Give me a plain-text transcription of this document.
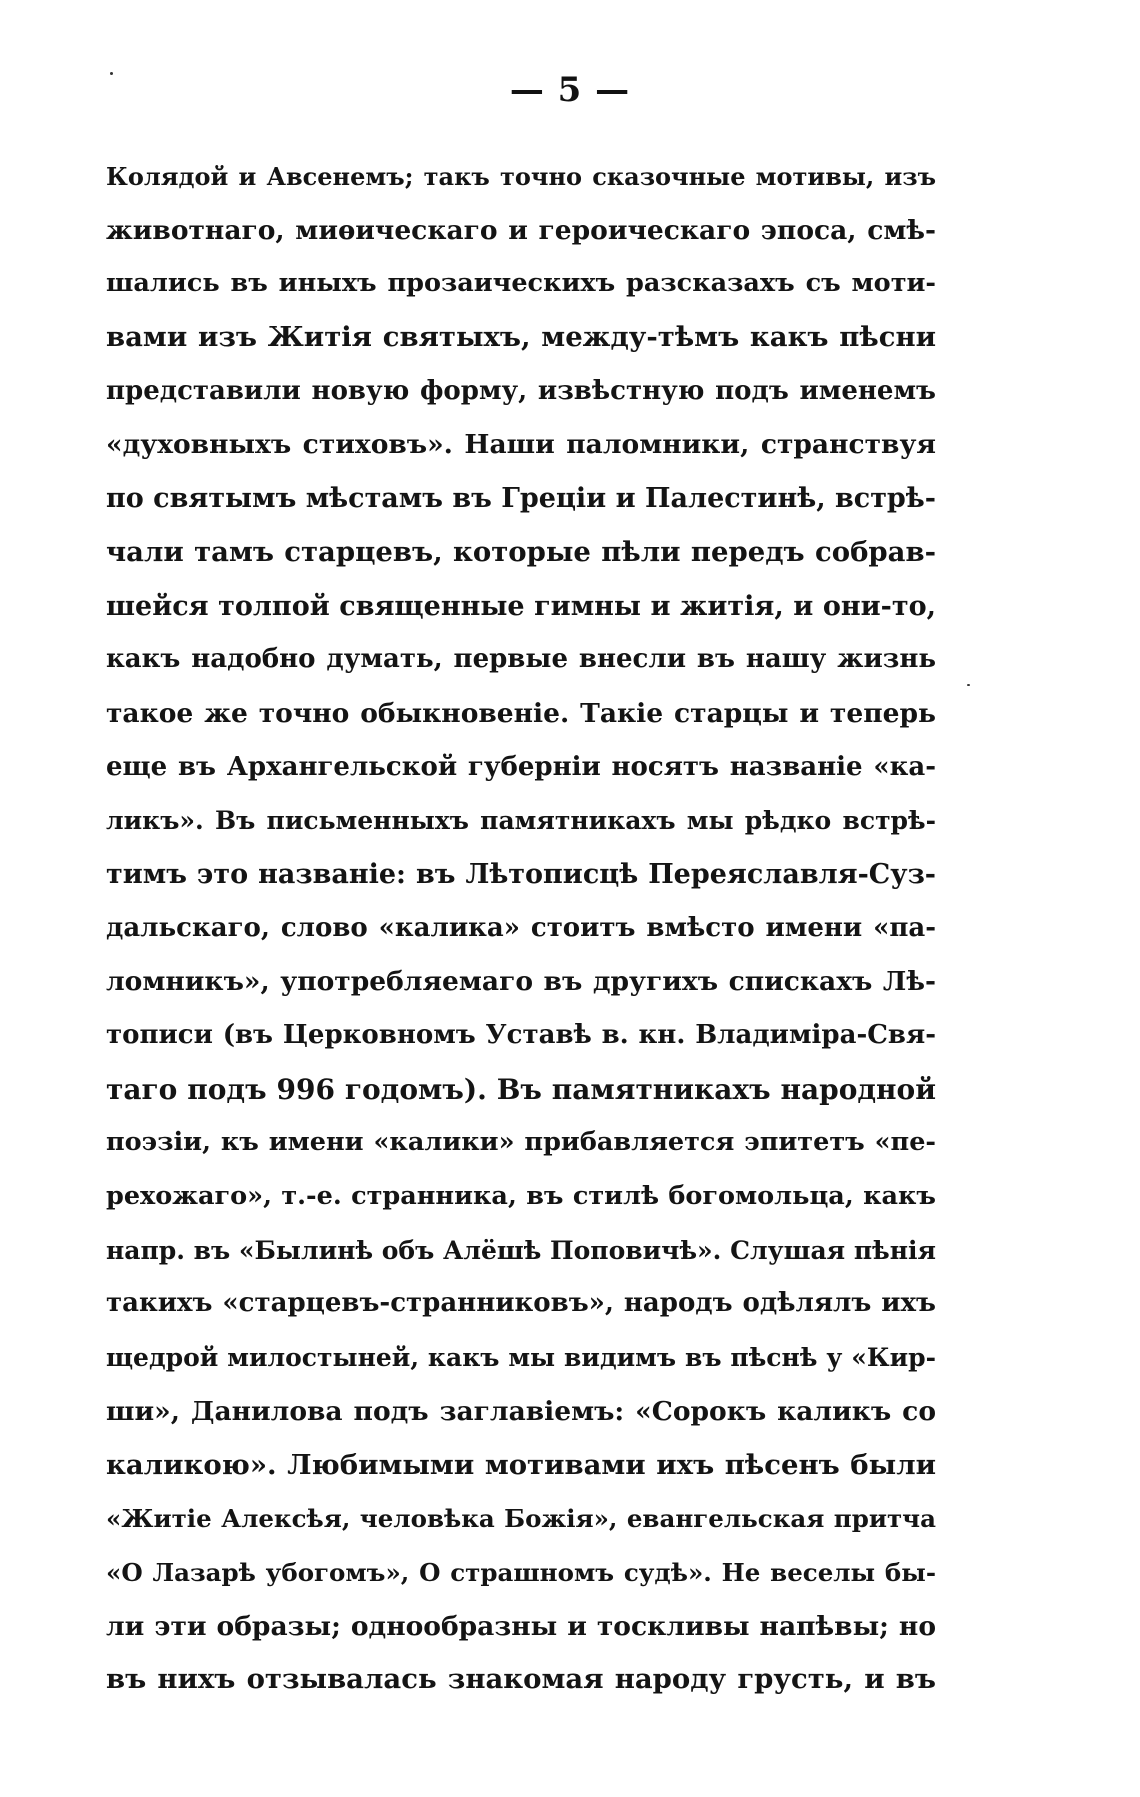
— 5 —
Колядой и Авсенемъ; такъ точно сказочные мотивы, изъ
животнаго, миѳическаго и героическаго эпоса, смѣ-
шались въ иныхъ прозаическихъ разсказахъ съ моти-
вами изъ Житія святыхъ, между-тѣмъ какъ пѣсни
представили новую форму, извѣстную подъ именемъ
«духовныхъ стиховъ». Наши паломники, странствуя
по святымъ мѣстамъ въ Греціи и Палестинѣ, встрѣ-
чали тамъ старцевъ, которые пѣли передъ собрав-
шейся толпой священные гимны и житія, и они-то,
какъ надобно думать, первые внесли въ нашу жизнь
такое же точно обыкновеніе. Такіе старцы и теперь
еще въ Архангельской губерніи носятъ названіе «ка-
ликъ». Въ письменныхъ памятникахъ мы рѣдко встрѣ-
тимъ это названіе: въ Лѣтописцѣ Переяславля-Суз-
дальскаго, слово «калика» стоитъ вмѣсто имени «па-
ломникъ», употребляемаго въ другихъ спискахъ Лѣ-
тописи (въ Церковномъ Уставѣ в. кн. Владиміра-Свя-
таго подъ 996 годомъ). Въ памятникахъ народной
поэзіи, къ имени «калики» прибавляется эпитетъ «пе-
рехожаго», т.-е. странника, въ стилѣ богомольца, какъ
напр. въ «Былинѣ объ Алёшѣ Поповичѣ». Слушая пѣнія
такихъ «старцевъ-странниковъ», народъ одѣлялъ ихъ
щедрой милостыней, какъ мы видимъ въ пѣснѣ у «Кир-
ши», Данилова подъ заглавіемъ: «Сорокъ каликъ со
каликою». Любимыми мотивами ихъ пѣсенъ были
«Житіе Алексѣя, человѣка Божія», евангельская притча
«О Лазарѣ убогомъ», О страшномъ судѣ». Не веселы бы-
ли эти образы; однообразны и тоскливы напѣвы; но
въ нихъ отзывалась знакомая народу грусть, и въ
